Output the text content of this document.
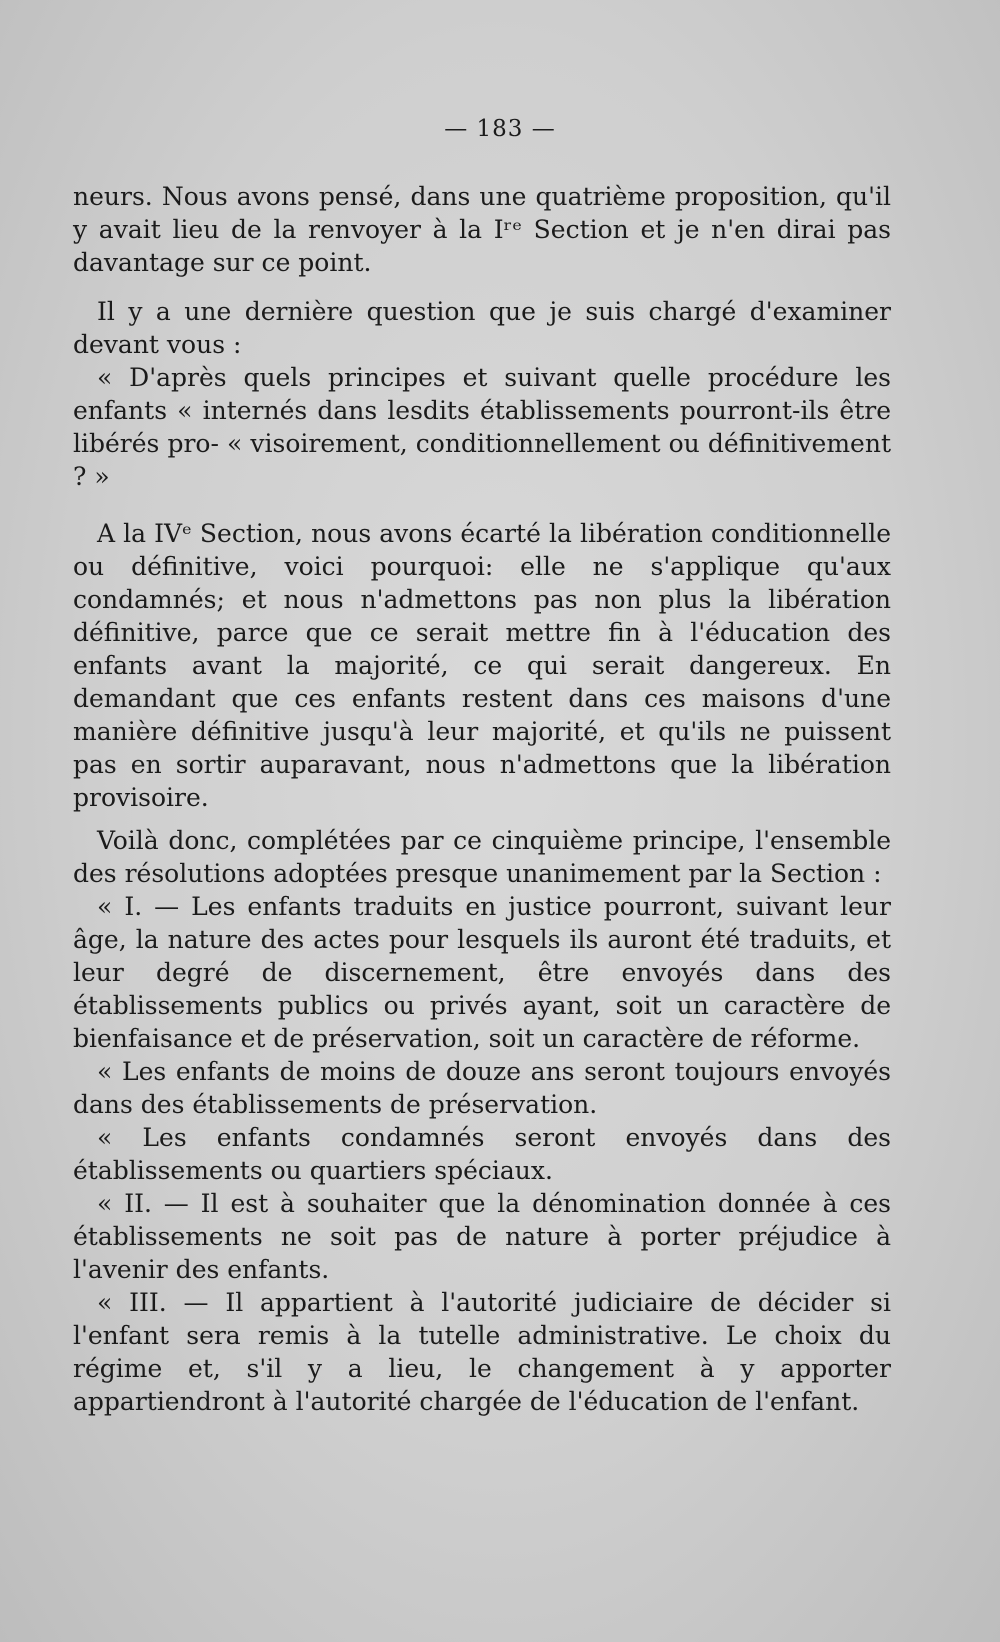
— 183 —

neurs. Nous avons pensé, dans une quatrième proposition, qu'il y avait lieu de la renvoyer à la Iʳᵉ Section et je n'en dirai pas davantage sur ce point.

Il y a une dernière question que je suis chargé d'examiner devant vous :

« D'après quels principes et suivant quelle procédure les enfants « internés dans lesdits établissements pourront-ils être libérés pro- « visoirement, conditionnellement ou définitivement ? »

A la IVᵉ Section, nous avons écarté la libération conditionnelle ou définitive, voici pourquoi: elle ne s'applique qu'aux condamnés; et nous n'admettons pas non plus la libération définitive, parce que ce serait mettre fin à l'éducation des enfants avant la majorité, ce qui serait dangereux. En demandant que ces enfants restent dans ces maisons d'une manière définitive jusqu'à leur majorité, et qu'ils ne puissent pas en sortir auparavant, nous n'admettons que la libération provisoire.

Voilà donc, complétées par ce cinquième principe, l'ensemble des résolutions adoptées presque unanimement par la Section :

« I. — Les enfants traduits en justice pourront, suivant leur âge, la nature des actes pour lesquels ils auront été traduits, et leur degré de discernement, être envoyés dans des établissements publics ou privés ayant, soit un caractère de bienfaisance et de préservation, soit un caractère de réforme.

« Les enfants de moins de douze ans seront toujours envoyés dans des établissements de préservation.

« Les enfants condamnés seront envoyés dans des établissements ou quartiers spéciaux.

« II. — Il est à souhaiter que la dénomination donnée à ces établissements ne soit pas de nature à porter préjudice à l'avenir des enfants.

« III. — Il appartient à l'autorité judiciaire de décider si l'enfant sera remis à la tutelle administrative. Le choix du régime et, s'il y a lieu, le changement à y apporter appartiendront à l'autorité chargée de l'éducation de l'enfant.
